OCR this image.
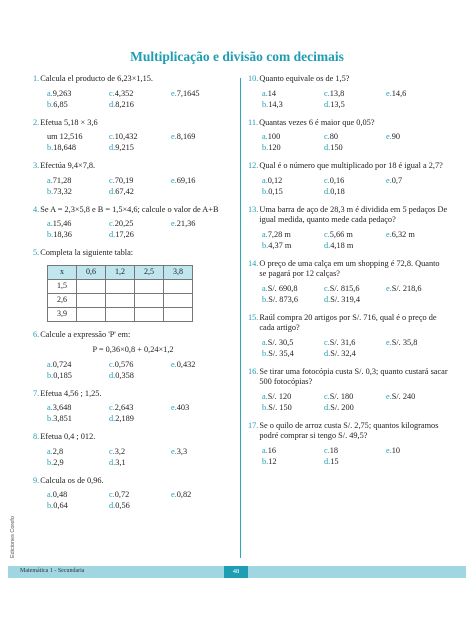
Multiplicação e divisão com decimais
1. Calcula el producto de 6,23×1,15.
a.9,263	c.4,352	e.7,1645
b.6,85	d.8,216
2. Efetua 5,18 × 3,6
um 12,516	c.10,432	e.8,169
b.18,648	d.9,215
3. Efectúa 9,4×7,8.
a.71,28	c.70,19	e.69,16
b.73,32	d.67,42
4. Se A = 2,3×5,8 e B = 1,5×4,6; calcule o valor de A+B
a.15,46	c.20,25	e.21,36
b.18,36	d.17,26
5. Completa la siguiente tabla:
x	0,6	1,2	2,5	3,8
1,5				
2,6				
3,9				
6. Calcule a expressão 'P' em:
P = 0,36×0,8 + 0,24×1,2
a.0,724	c.0,576	e.0,432
b.0,185	d.0,358
7. Efetua 4,56 ; 1,25.
a.3,648	c.2,643	e.403
b.3,851	d.2,189
8. Efetua 0,4 ; 012.
a.2,8	c.3,2	e.3,3
b.2,9	d.3,1
9. Calcula os de 0,96.
a.0,48	c.0,72	e.0,82
b.0,64	d.0,56
10. Quanto equivale os de 1,5?
a.14	c.13,8	e.14,6
b.14,3	d.13,5
11. Quantas vezes 6 é maior que 0,05?
a.100	c.80	e.90
b.120	d.150
12. Qual é o número que multiplicado por 18 é igual a 2,7?
a.0,12	c.0,16	e.0,7
b.0,15	d.0,18
13. Uma barra de aço de 28,3 m é dividida em 5 pedaços De igual medida, quanto mede cada pedaço?
a.7,28 m	c.5,66 m	e.6,32 m
b.4,37 m	d.4,18 m
14. O preço de uma calça em um shopping é 72,8. Quanto se pagará por 12 calças?
a.S/. 690,8	c.S/. 815,6	e.S/. 218,6
b.S/. 873,6	d.S/. 319,4
15. Raúl compra 20 artigos por S/. 716, qual é o preço de cada artigo?
a.S/. 30,5	c.S/. 31,6	e.S/. 35,8
b.S/. 35,4	d.S/. 32,4
16. Se tirar uma fotocópia custa S/. 0,3; quanto custará sacar 500 fotocópias?
a.S/. 120	c.S/. 180	e.S/. 240
b.S/. 150	d.S/. 200
17. Se o quilo de arroz custa S/. 2,75; quantos kilogramos podré comprar si tengo S/. 49,5?
a.16	c.18	e.10
b.12	d.15
Matemática 1 - Secundaria	48
Ediciones Corefo
